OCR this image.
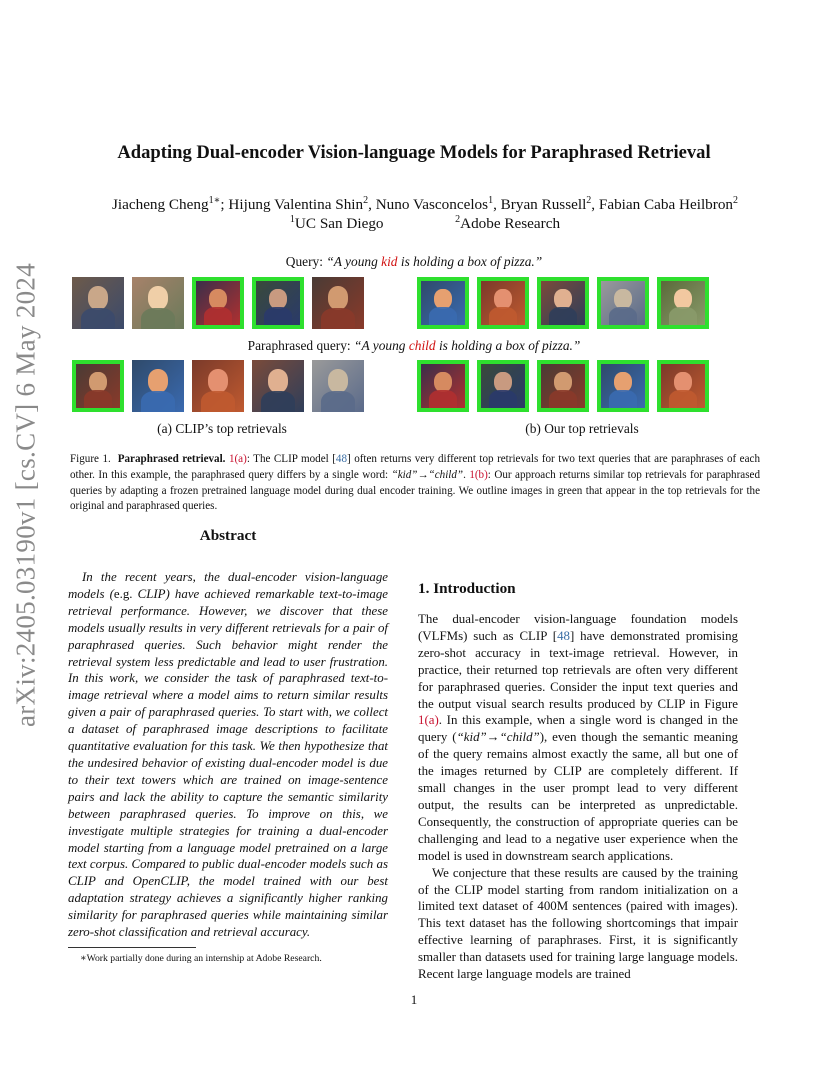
arXiv:2405.03190v1 [cs.CV] 6 May 2024
Adapting Dual-encoder Vision-language Models for Paraphrased Retrieval
Jiacheng Cheng$^{1∗}$; Hijung Valentina Shin$^2$, Nuno Vasconcelos$^1$, Bryan Russell$^2$, Fabian Caba Heilbron$^2$
$^1$UC San Diego	$^2$Adobe Research
Query: “A young kid is holding a box of pizza.”
Paraphrased query: “A young child is holding a box of pizza.”
(a) CLIP’s top retrievals	(b) Our top retrievals
Figure 1. Paraphrased retrieval. 1(a): The CLIP model [48] often returns very different top retrievals for two text queries that are paraphrases of each other. In this example, the paraphrased query differs by a single word: “kid”→“child”. 1(b): Our approach returns similar top retrievals for paraphrased queries by adapting a frozen pretrained language model during dual encoder training. We outline images in green that appear in the top retrievals for the original and paraphrased queries.
Abstract
In the recent years, the dual-encoder vision-language models (e.g. CLIP) have achieved remarkable text-to-image retrieval performance. However, we discover that these models usually results in very different retrievals for a pair of paraphrased queries. Such behavior might render the retrieval system less predictable and lead to user frustration. In this work, we consider the task of paraphrased text-to-image retrieval where a model aims to return similar results given a pair of paraphrased queries. To start with, we collect a dataset of paraphrased image descriptions to facilitate quantitative evaluation for this task. We then hypothesize that the undesired behavior of existing dual-encoder model is due to their text towers which are trained on image-sentence pairs and lack the ability to capture the semantic similarity between paraphrased queries. To improve on this, we investigate multiple strategies for training a dual-encoder model starting from a language model pretrained on a large text corpus. Compared to public dual-encoder models such as CLIP and OpenCLIP, the model trained with our best adaptation strategy achieves a significantly higher ranking similarity for paraphrased queries while maintaining similar zero-shot classification and retrieval accuracy.
1. Introduction

The dual-encoder vision-language foundation models (VLFMs) such as CLIP [48] have demonstrated promising zero-shot accuracy in text-image retrieval. However, in practice, their returned top retrievals are often very different for paraphrased queries. Consider the input text queries and the output visual search results produced by CLIP in Figure 1(a). In this example, when a single word is changed in the query (“kid”→“child”), even though the semantic meaning of the query remains almost exactly the same, all but one of the images returned by CLIP are completely different. If small changes in the user prompt lead to very different output, the results can be interpreted as unpredictable. Consequently, the construction of appropriate queries can be challenging and lead to a negative user experience when the model is used in downstream search applications.

We conjecture that these results are caused by the training of the CLIP model starting from random initialization on a limited text dataset of 400M sentences (paired with images). This text dataset has the following shortcomings that impair effective learning of paraphrases. First, it is significantly smaller than datasets used for training large language models. Recent large language models are trained

∗Work partially done during an internship at Adobe Research.
1
